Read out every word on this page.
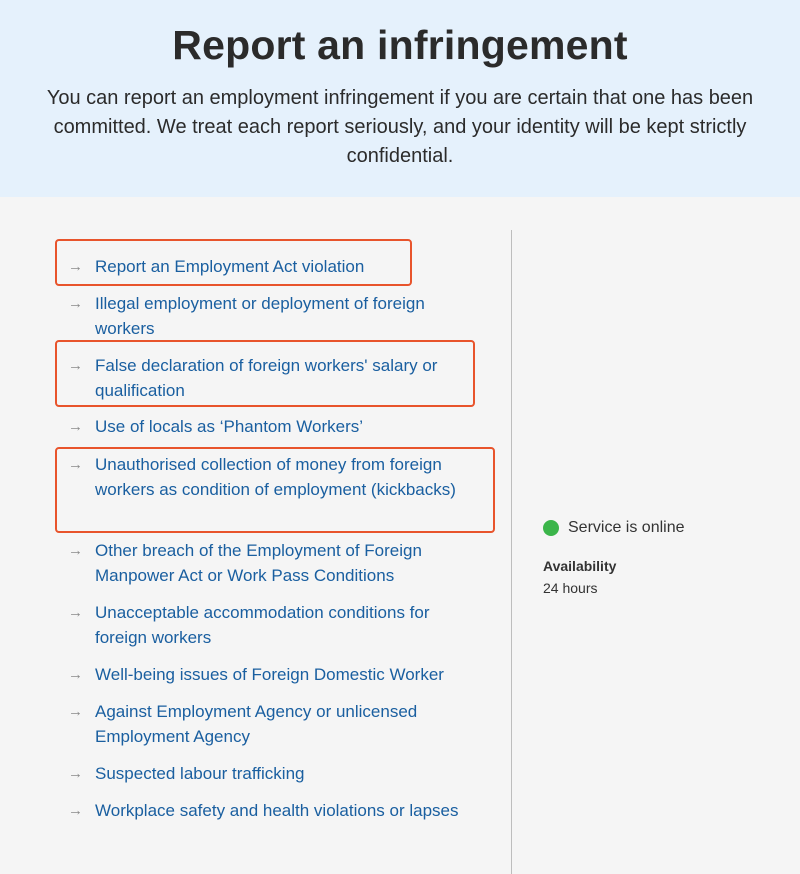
Report an infringement

You can report an employment infringement if you are certain that one has been committed. We treat each report seriously, and your identity will be kept strictly confidential.

→ Report an Employment Act violation
→ Illegal employment or deployment of foreign workers
→ False declaration of foreign workers' salary or qualification
→ Use of locals as ‘Phantom Workers’
→ Unauthorised collection of money from foreign workers as condition of employment (kickbacks)
→ Other breach of the Employment of Foreign Manpower Act or Work Pass Conditions
→ Unacceptable accommodation conditions for foreign workers
→ Well-being issues of Foreign Domestic Worker
→ Against Employment Agency or unlicensed Employment Agency
→ Suspected labour trafficking
→ Workplace safety and health violations or lapses
Service is online
Availability
24 hours
